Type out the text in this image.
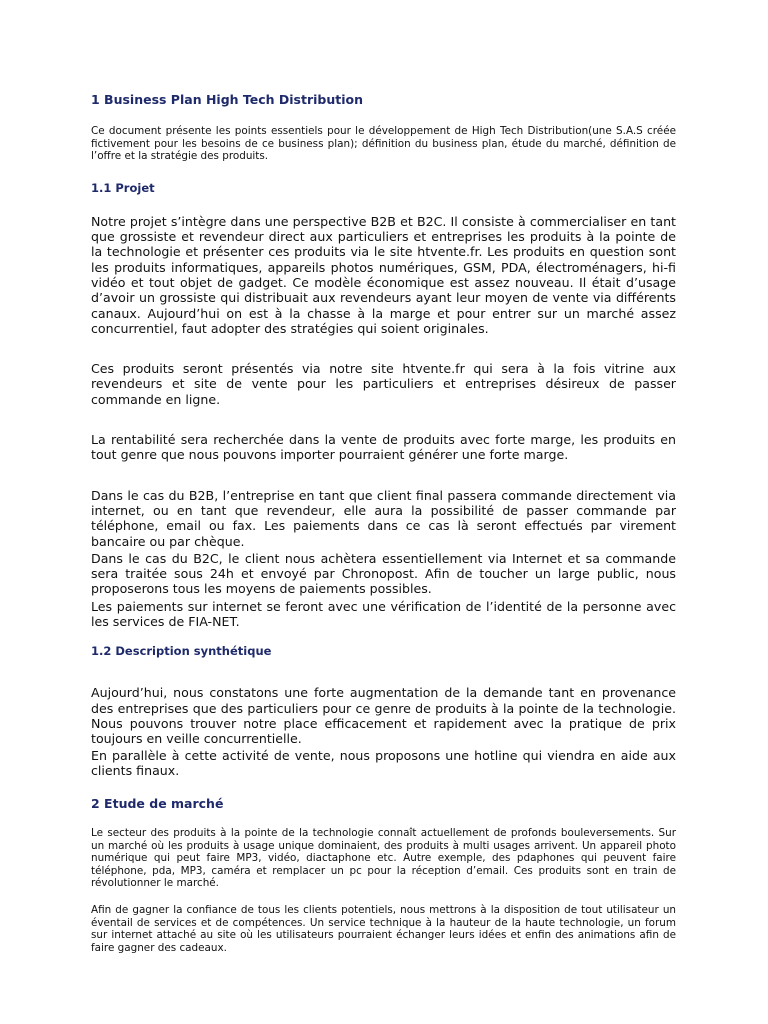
1 Business Plan High Tech Distribution

Ce document présente les points essentiels pour le développement de High Tech Distribution(une S.A.S créée fictivement pour les besoins de ce business plan); définition du business plan, étude du marché, définition de l’offre et la stratégie des produits.

1.1 Projet

Notre projet s’intègre dans une perspective B2B et B2C. Il consiste à commercialiser en tant que grossiste et revendeur direct aux particuliers et entreprises les produits à la pointe de la technologie et présenter ces produits via le site htvente.fr. Les produits en question sont les produits informatiques, appareils photos numériques, GSM, PDA, électroménagers, hi-fi vidéo et tout objet de gadget. Ce modèle économique est assez nouveau. Il était d’usage d’avoir un grossiste qui distribuait aux revendeurs ayant leur moyen de vente via différents canaux. Aujourd’hui on est à la chasse à la marge et pour entrer sur un marché assez concurrentiel, faut adopter des stratégies qui soient originales.

Ces produits seront présentés via notre site htvente.fr qui sera à la fois vitrine aux revendeurs et site de vente pour les particuliers et entreprises désireux de passer commande en ligne.

La rentabilité sera recherchée dans la vente de produits avec forte marge, les produits en tout genre que nous pouvons importer pourraient générer une forte marge.

Dans le cas du B2B, l’entreprise en tant que client final passera commande directement via internet, ou en tant que revendeur, elle aura la possibilité de passer commande par téléphone, email ou fax. Les paiements dans ce cas là seront effectués par virement bancaire ou par chèque.

Dans le cas du B2C, le client nous achètera essentiellement via Internet et sa commande sera traitée sous 24h et envoyé par Chronopost. Afin de toucher un large public, nous proposerons tous les moyens de paiements possibles.

Les paiements sur internet se feront avec une vérification de l’identité de la personne avec les services de FIA-NET.

1.2 Description synthétique

Aujourd’hui, nous constatons une forte augmentation de la demande tant en provenance des entreprises que des particuliers pour ce genre de produits à la pointe de la technologie. Nous pouvons trouver notre place efficacement et rapidement avec la pratique de prix toujours en veille concurrentielle.

En parallèle à cette activité de vente, nous proposons une hotline qui viendra en aide aux clients finaux.

2 Etude de marché

Le secteur des produits à la pointe de la technologie connaît actuellement de profonds bouleversements. Sur un marché où les produits à usage unique dominaient, des produits à multi usages arrivent. Un appareil photo numérique qui peut faire MP3, vidéo, diactaphone etc. Autre exemple, des pdaphones qui peuvent faire téléphone, pda, MP3, caméra et remplacer un pc pour la réception d’email. Ces produits sont en train de révolutionner le marché.

Afin de gagner la confiance de tous les clients potentiels, nous mettrons à la disposition de tout utilisateur un éventail de services et de compétences. Un service technique à la hauteur de la haute technologie, un forum sur internet attaché au site où les utilisateurs pourraient échanger leurs idées et enfin des animations afin de faire gagner des cadeaux.
